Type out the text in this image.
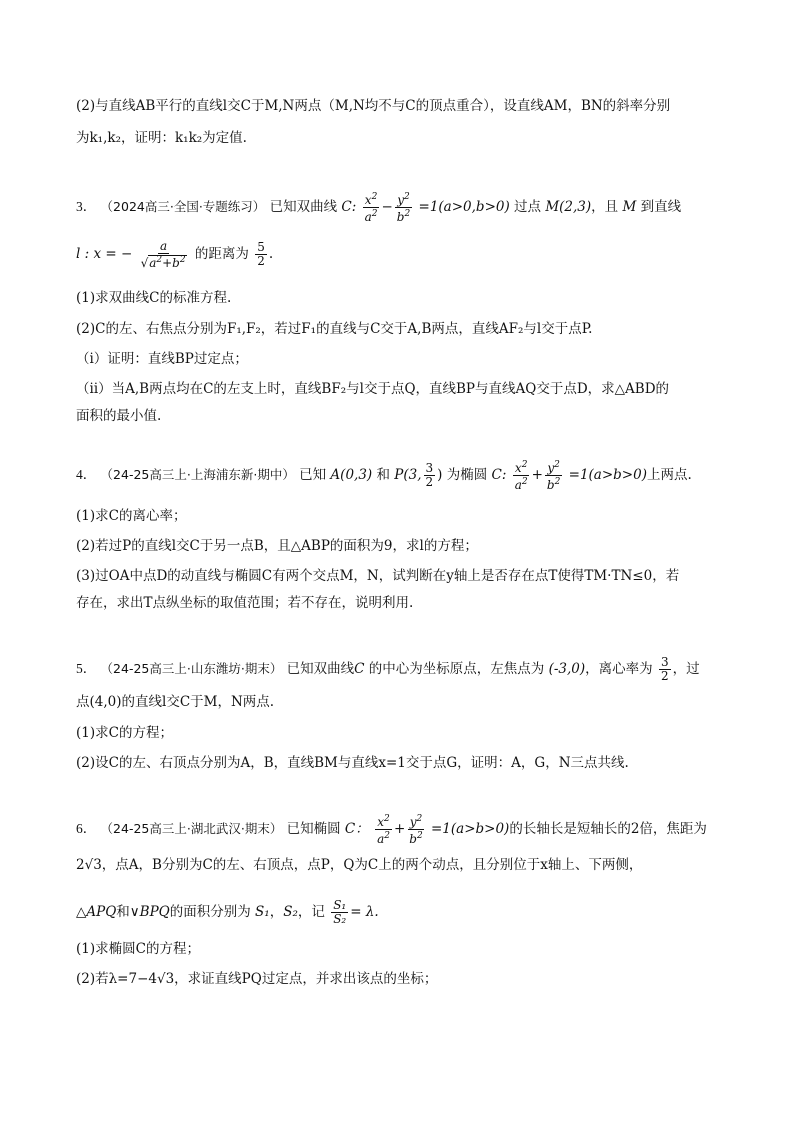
(2)与直线AB平行的直线l交C于M,N两点（M,N均不与C的顶点重合），设直线AM，BN的斜率分别
为k₁,k₂，证明：k₁k₂为定值.
3． （2024高三·全国·专题练习） 已知双曲线 C: $\frac{x^2}{a^2} - \frac{y^2}{b^2} =1(a>0,b>0)$ 过点 M(2,3)，且 M 到直线
l : x = − $\frac{a}{√a^2+b^2}$ 的距离为 $\frac{5}{2}$ .
(1)求双曲线C的标准方程.
(2)C的左、右焦点分别为F₁,F₂，若过F₁的直线与C交于A,B两点，直线AF₂与l交于点P.
（ⅰ）证明：直线BP过定点；
（ⅱ）当A,B两点均在C的左支上时，直线BF₂与l交于点Q，直线BP与直线AQ交于点D，求△ABD的
面积的最小值.
4． （24-25高三上·上海浦东新·期中） 已知 A(0,3) 和 P(3, $\frac{3}{2}$ ) 为椭圆 C: $\frac{x^2}{a^2} + \frac{y^2}{b^2} =1(a>b>0)$上两点.
(1)求C的离心率；
(2)若过P的直线l交C于另一点B，且△ABP的面积为9，求l的方程；
(3)过OA中点D的动直线与椭圆C有两个交点M，N，试判断在y轴上是否存在点T使得TM·TN≤0，若
存在，求出T点纵坐标的取值范围；若不存在，说明利用.
5． （24-25高三上·山东潍坊·期末） 已知双曲线C 的中心为坐标原点，左焦点为 (-3,0)，离心率为 $\frac{3}{2}$ ，过
点(4,0)的直线l交C于M，N两点.
(1)求C的方程；
(2)设C的左、右顶点分别为A，B，直线BM与直线x=1交于点G，证明：A，G，N三点共线.
6． （24-25高三上·湖北武汉·期末） 已知椭圆 C： $\frac{x^2}{a^2} + \frac{y^2}{b^2} =1(a>b>0)$的长轴长是短轴长的2倍，焦距为
2√3，点A，B分别为C的左、右顶点，点P，Q为C上的两个动点，且分别位于x轴上、下两侧，
△APQ和∨BPQ的面积分别为 S₁，S₂，记 $\frac{\text{S₁}}{\text{S₂}} = \lambda$.
(1)求椭圆C的方程；
(2)若λ=7−4√3，求证直线PQ过定点，并求出该点的坐标；
